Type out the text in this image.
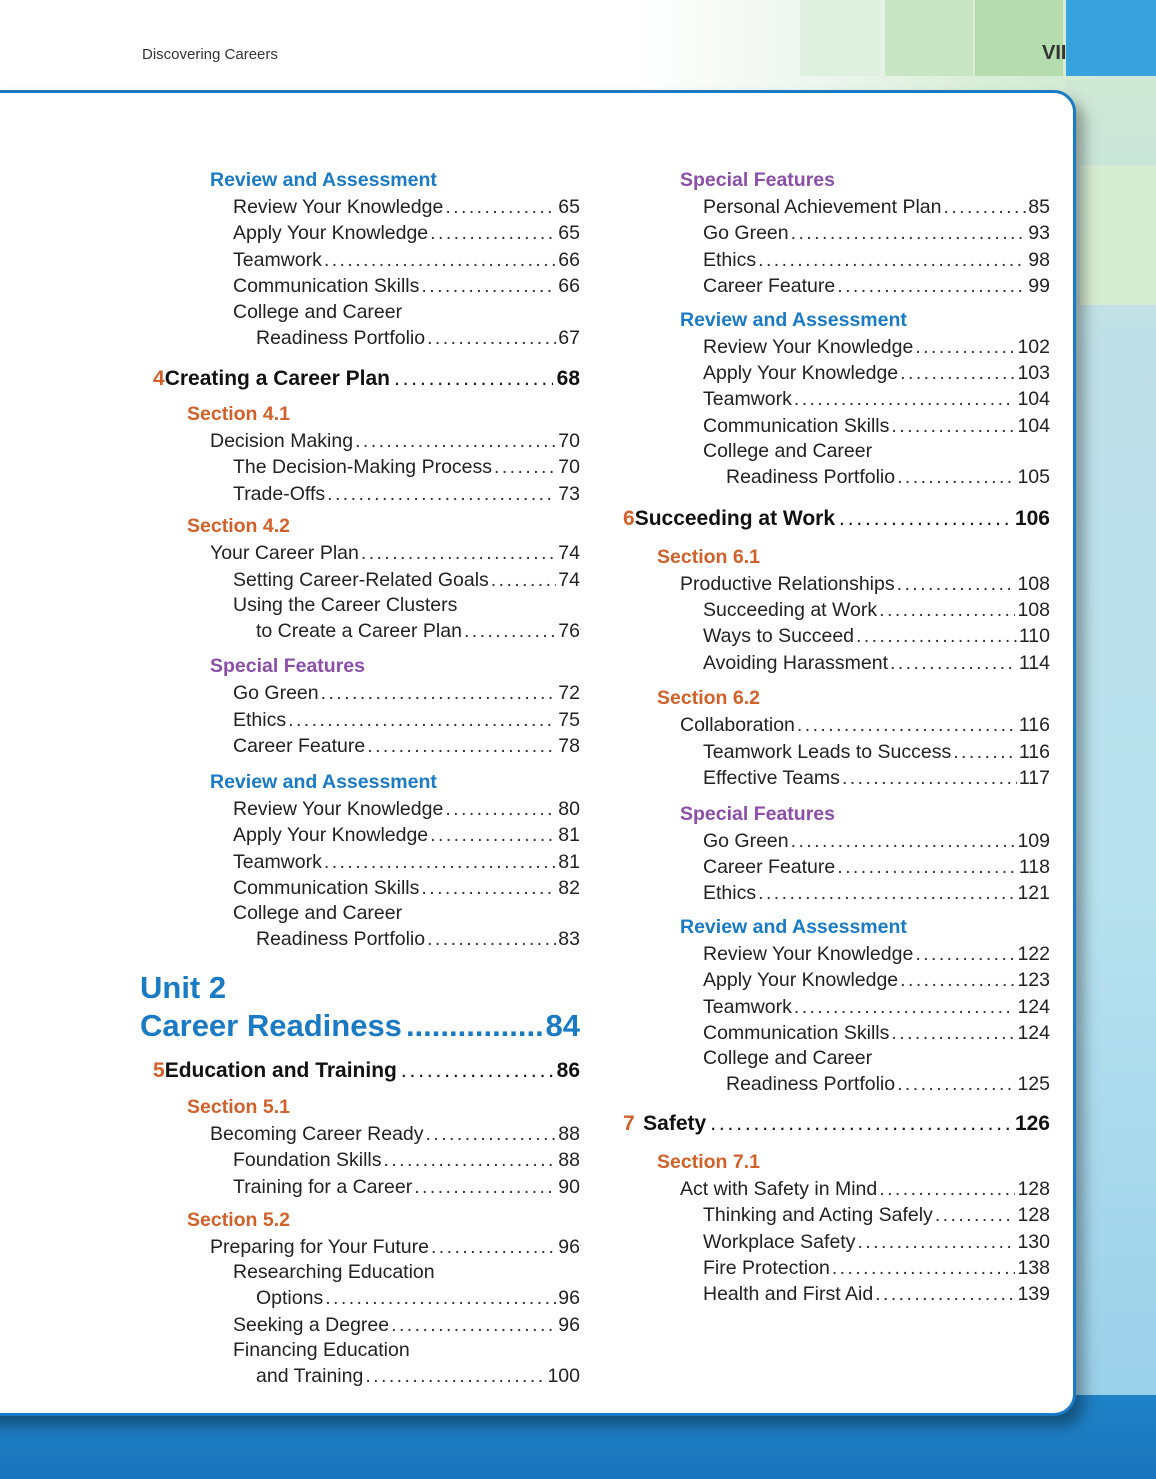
Discovering Careers	VII
Review and Assessment
Review Your Knowledge . . .	65
Apply Your Knowledge . . .	65
Teamwork . . .	66
Communication Skills . . .	66
College and Career
Readiness Portfolio . . .	67
4 Creating a Career Plan . . .	68
Section 4.1
Decision Making . . .	70
The Decision-Making Process . . .	70
Trade-Offs . . .	73
Section 4.2
Your Career Plan . . .	74
Setting Career-Related Goals . . .	74
Using the Career Clusters
to Create a Career Plan . . .	76
Special Features
Go Green . . .	72
Ethics . . .	75
Career Feature . . .	78
Review and Assessment
Review Your Knowledge . . .	80
Apply Your Knowledge . . .	81
Teamwork . . .	81
Communication Skills . . .	82
College and Career
Readiness Portfolio . . .	83
Unit 2
Career Readiness .....	84
5 Education and Training . . .	86
Section 5.1
Becoming Career Ready . . .	88
Foundation Skills . . .	88
Training for a Career . . .	90
Section 5.2
Preparing for Your Future . . .	96
Researching Education
Options . . .	96
Seeking a Degree . . .	96
Financing Education
and Training . . .	100
Special Features
Personal Achievement Plan . . .	85
Go Green . . .	93
Ethics . . .	98
Career Feature . . .	99
Review and Assessment
Review Your Knowledge . . .	102
Apply Your Knowledge . . .	103
Teamwork . . .	104
Communication Skills . . .	104
College and Career
Readiness Portfolio . . .	105
6 Succeeding at Work . . .	106
Section 6.1
Productive Relationships . . .	108
Succeeding at Work . . .	108
Ways to Succeed . . .	110
Avoiding Harassment . . .	114
Section 6.2
Collaboration . . .	116
Teamwork Leads to Success . . .	116
Effective Teams . . .	117
Special Features
Go Green . . .	109
Career Feature . . .	118
Ethics . . .	121
Review and Assessment
Review Your Knowledge . . .	122
Apply Your Knowledge . . .	123
Teamwork . . .	124
Communication Skills . . .	124
College and Career
Readiness Portfolio . . .	125
7 Safety . . .	126
Section 7.1
Act with Safety in Mind . . .	128
Thinking and Acting Safely . . .	128
Workplace Safety . . .	130
Fire Protection . . .	138
Health and First Aid . . .	139
